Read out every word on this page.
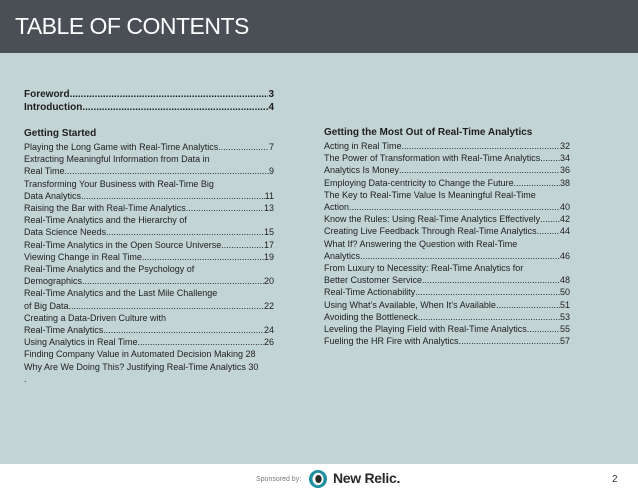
TABLE OF CONTENTS
Foreword .....	3
Introduction .....	4
Getting Started
Playing the Long Game with Real-Time Analytics .....	7
Extracting Meaningful Information from Data in
Real Time .....	9
Transforming Your Business with Real-Time Big
Data Analytics .....	11
Raising the Bar with Real-Time Analytics .....	13
Real-Time Analytics and the Hierarchy of
Data Science Needs .....	15
Real-Time Analytics in the Open Source Universe .....	17
Viewing Change in Real Time .....	19
Real-Time Analytics and the Psychology of
Demographics .....	20
Real-Time Analytics and the Last Mile Challenge
of Big Data .....	22
Creating a Data-Driven Culture with
Real-Time Analytics .....	24
Using Analytics in Real Time .....	26
Finding Company Value in Automated Decision Making 28
Why Are We Doing This? Justifying Real-Time Analytics 30
.
Getting the Most Out of Real-Time Analytics
Acting in Real Time .....	32
The Power of Transformation with Real-Time Analytics ..... 34
Analytics Is Money .....	36
Employing Data-centricity to Change the Future .....	38
The Key to Real-Time Value Is Meaningful Real-Time
Action .....	40
Know the Rules: Using Real-Time Analytics Effectively ..... 42
Creating Live Feedback Through Real-Time Analytics .....	44
What If? Answering the Question with Real-Time
Analytics .....	46
From Luxury to Necessity: Real-Time Analytics for
Better Customer Service .....	48
Real-Time Actionability .....	50
Using What’s Available, When It’s Available .....	51
Avoiding the Bottleneck .....	53
Leveling the Playing Field with Real-Time Analytics .....	55
Fueling the HR Fire with Analytics .....	57
Sponsored by: New Relic.	2
